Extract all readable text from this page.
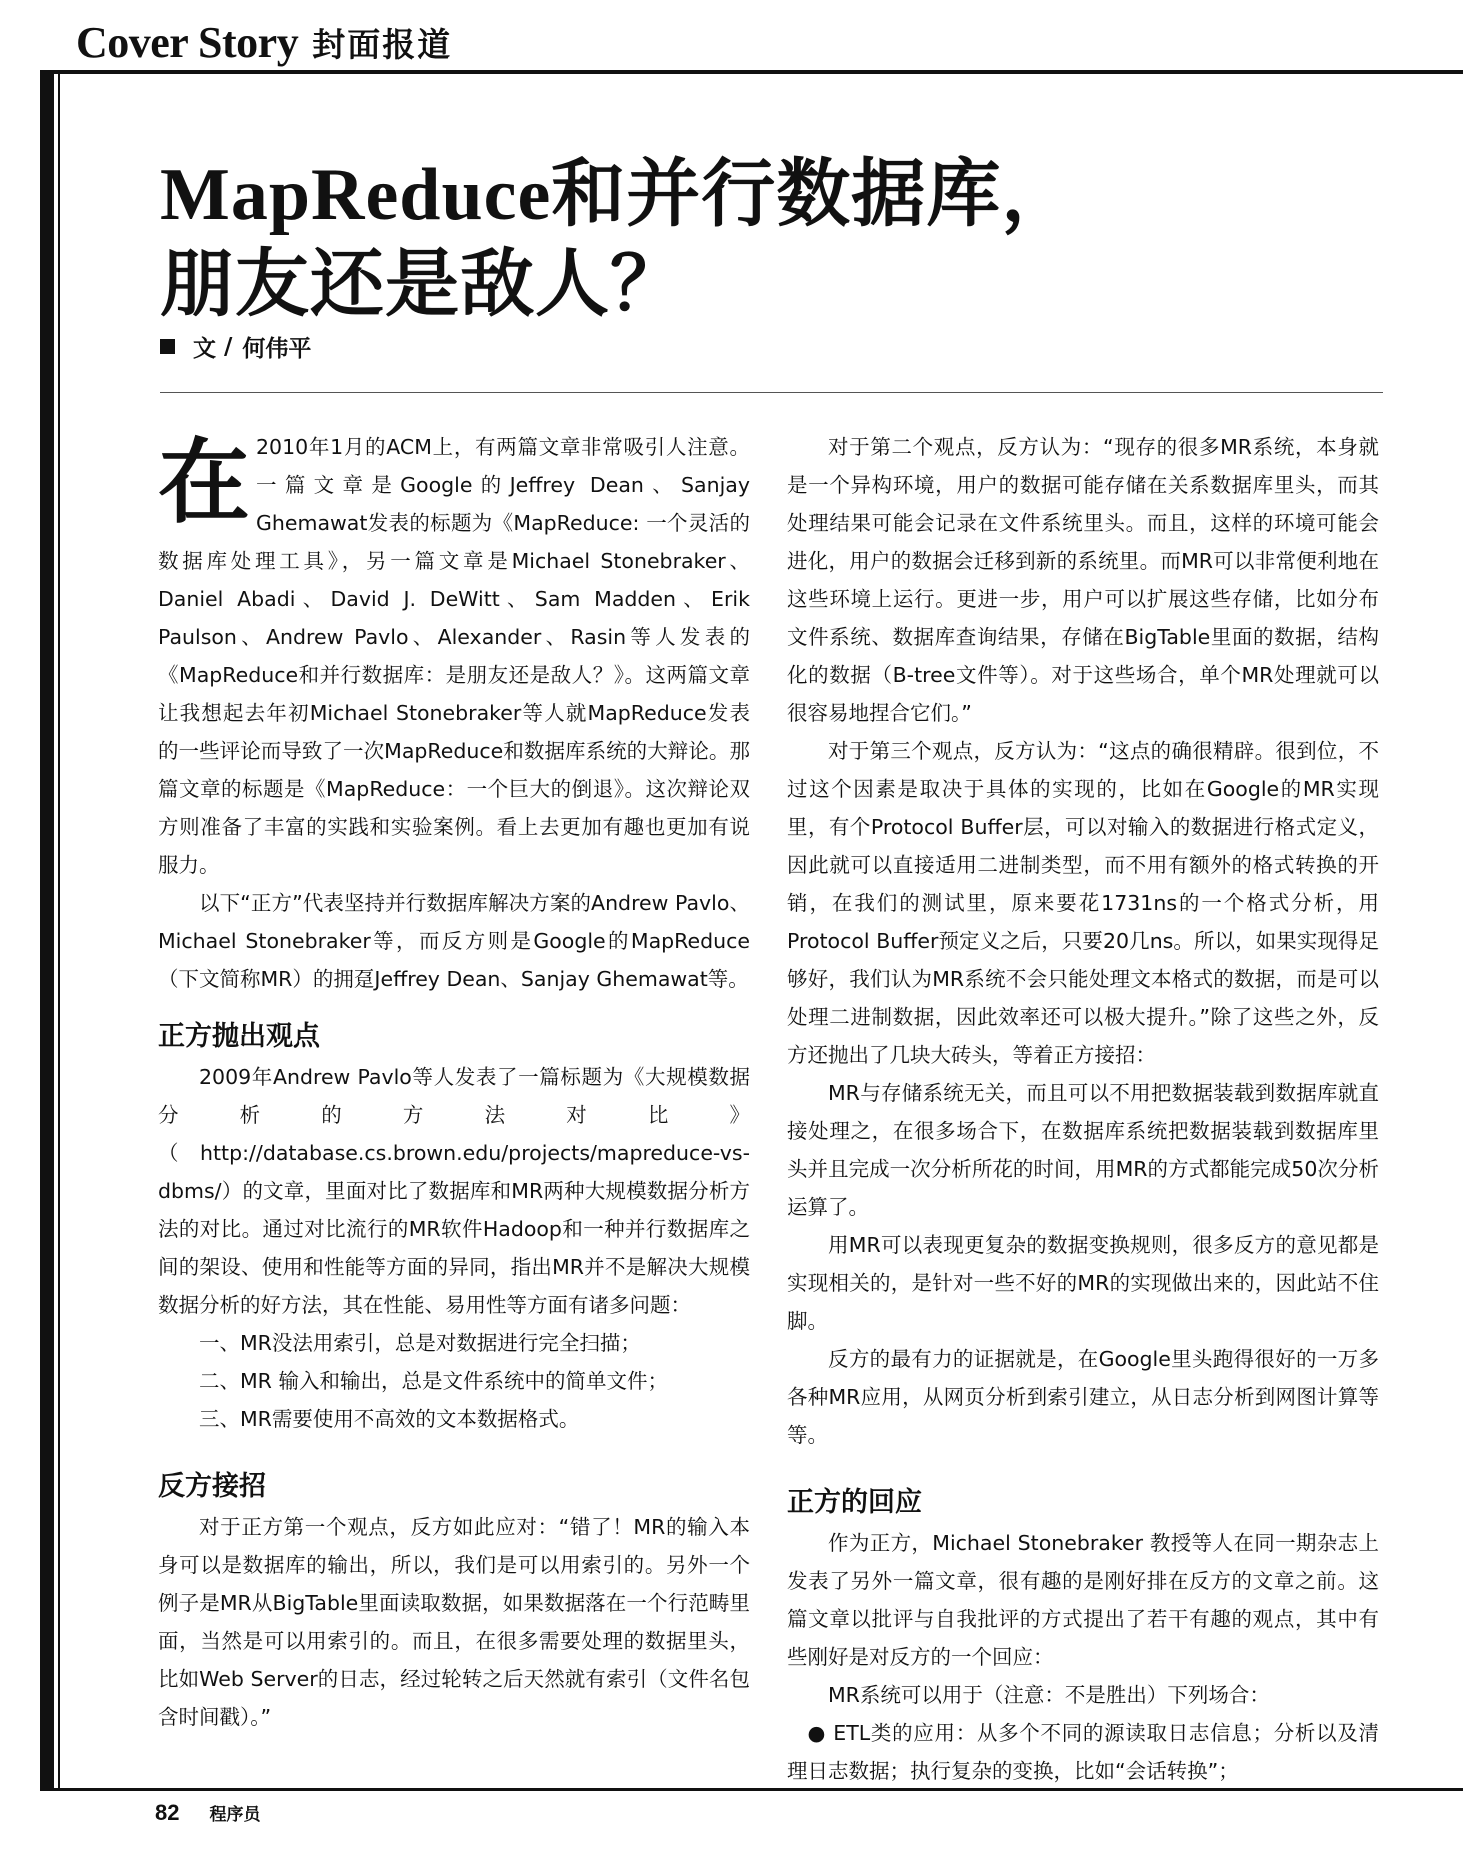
Cover Story 封面报道
MapReduce和并行数据库，
朋友还是敌人？
文 / 何伟平

在 2010年1月的ACM上，有两篇文章非常吸引人注意。一篇文章是Google的Jeffrey Dean、Sanjay Ghemawat发表的标题为《MapReduce: 一个灵活的数据库处理工具》，另一篇文章是Michael Stonebraker、Daniel Abadi、David J. DeWitt、Sam Madden、Erik Paulson、Andrew Pavlo、Alexander、Rasin等人发表的《MapReduce和并行数据库：是朋友还是敌人？》。这两篇文章让我想起去年初Michael Stonebraker等人就MapReduce发表的一些评论而导致了一次MapReduce和数据库系统的大辩论。那篇文章的标题是《MapReduce：一个巨大的倒退》。这次辩论双方则准备了丰富的实践和实验案例。看上去更加有趣也更加有说服力。

以下“正方”代表坚持并行数据库解决方案的Andrew Pavlo、Michael Stonebraker等，而反方则是Google的MapReduce（下文简称MR）的拥趸Jeffrey Dean、Sanjay Ghemawat等。

正方抛出观点

2009年Andrew Pavlo等人发表了一篇标题为《大规模数据分析的方法对比》（http://database.cs.brown.edu/projects/mapreduce-vs-dbms/）的文章，里面对比了数据库和MR两种大规模数据分析方法的对比。通过对比流行的MR软件Hadoop和一种并行数据库之间的架设、使用和性能等方面的异同，指出MR并不是解决大规模数据分析的好方法，其在性能、易用性等方面有诸多问题：

一、MR没法用索引，总是对数据进行完全扫描；

二、MR 输入和输出，总是文件系统中的简单文件；

三、MR需要使用不高效的文本数据格式。

反方接招

对于正方第一个观点，反方如此应对：“错了！MR的输入本身可以是数据库的输出，所以，我们是可以用索引的。另外一个例子是MR从BigTable里面读取数据，如果数据落在一个行范畴里面，当然是可以用索引的。而且，在很多需要处理的数据里头，比如Web Server的日志，经过轮转之后天然就有索引（文件名包含时间戳）。”

对于第二个观点，反方认为：“现存的很多MR系统，本身就是一个异构环境，用户的数据可能存储在关系数据库里头，而其处理结果可能会记录在文件系统里头。而且，这样的环境可能会进化，用户的数据会迁移到新的系统里。而MR可以非常便利地在这些环境上运行。更进一步，用户可以扩展这些存储，比如分布文件系统、数据库查询结果，存储在BigTable里面的数据，结构化的数据（B-tree文件等）。对于这些场合，单个MR处理就可以很容易地捏合它们。”

对于第三个观点，反方认为：“这点的确很精辟。很到位，不过这个因素是取决于具体的实现的，比如在Google的MR实现里，有个Protocol Buffer层，可以对输入的数据进行格式定义，因此就可以直接适用二进制类型，而不用有额外的格式转换的开销，在我们的测试里，原来要花1731ns的一个格式分析，用Protocol Buffer预定义之后，只要20几ns。所以，如果实现得足够好，我们认为MR系统不会只能处理文本格式的数据，而是可以处理二进制数据，因此效率还可以极大提升。”除了这些之外，反方还抛出了几块大砖头，等着正方接招：

MR与存储系统无关，而且可以不用把数据装载到数据库就直接处理之，在很多场合下，在数据库系统把数据装载到数据库里头并且完成一次分析所花的时间，用MR的方式都能完成50次分析运算了。

用MR可以表现更复杂的数据变换规则，很多反方的意见都是实现相关的，是针对一些不好的MR的实现做出来的，因此站不住脚。

反方的最有力的证据就是，在Google里头跑得很好的一万多各种MR应用，从网页分析到索引建立，从日志分析到网图计算等等。

正方的回应

作为正方，Michael Stonebraker 教授等人在同一期杂志上发表了另外一篇文章，很有趣的是刚好排在反方的文章之前。这篇文章以批评与自我批评的方式提出了若干有趣的观点，其中有些刚好是对反方的一个回应：

MR系统可以用于（注意：不是胜出）下列场合：

● ETL类的应用：从多个不同的源读取日志信息；分析以及清理日志数据；执行复杂的变换，比如“会话转换”；

82 程序员
